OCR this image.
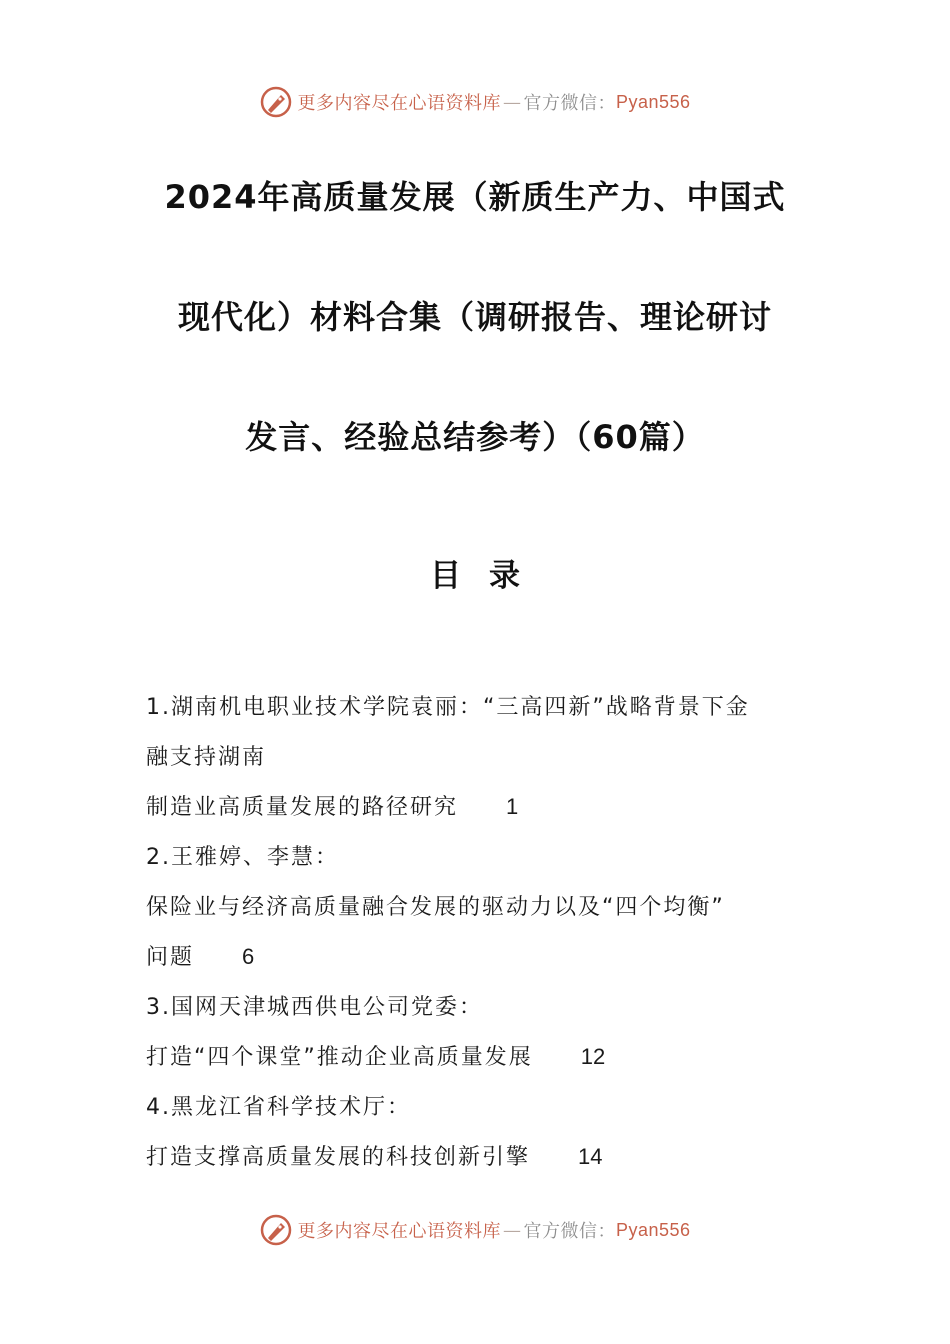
更多内容尽在心语资料库 — 官方微信： Pyan556
2024年高质量发展（新质生产力、中国式
现代化）材料合集（调研报告、理论研讨
发言、经验总结参考）（60篇）
目录
1.湖南机电职业技术学院袁丽：“三高四新”战略背景下金
融支持湖南
制造业高质量发展的路径研究 1
2.王雅婷、李慧：
保险业与经济高质量融合发展的驱动力以及“四个均衡”
问题 6
3.国网天津城西供电公司党委：
打造“四个课堂”推动企业高质量发展 12
4.黑龙江省科学技术厅：
打造支撑高质量发展的科技创新引擎 14
更多内容尽在心语资料库 — 官方微信： Pyan556
